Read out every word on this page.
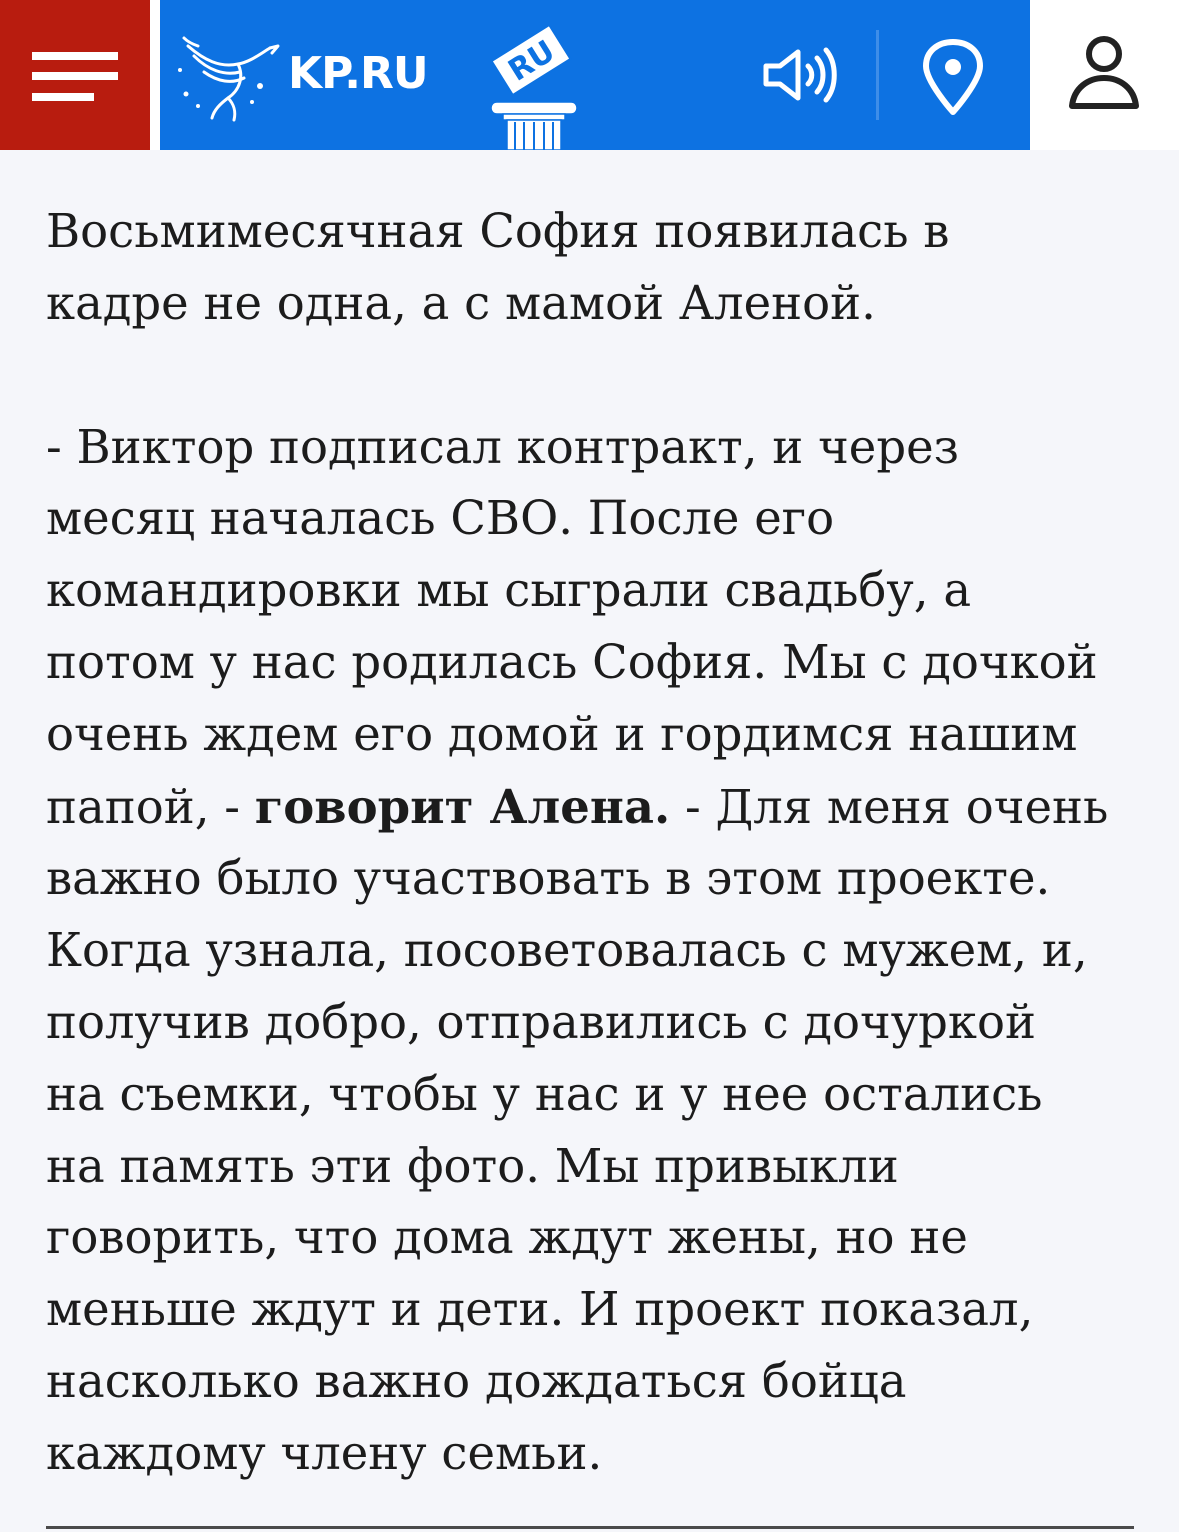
KP.RU RU

Восьмимесячная София появилась в
кадре не одна, а с мамой Аленой.

- Виктор подписал контракт, и через
месяц началась СВО. После его
командировки мы сыграли свадьбу, а
потом у нас родилась София. Мы с дочкой
очень ждем его домой и гордимся нашим
папой, - говорит Алена. - Для меня очень
важно было участвовать в этом проекте.
Когда узнала, посоветовалась с мужем, и,
получив добро, отправились с дочуркой
на съемки, чтобы у нас и у нее остались
на память эти фото. Мы привыкли
говорить, что дома ждут жены, но не
меньше ждут и дети. И проект показал,
насколько важно дождаться бойца
каждому члену семьи.
